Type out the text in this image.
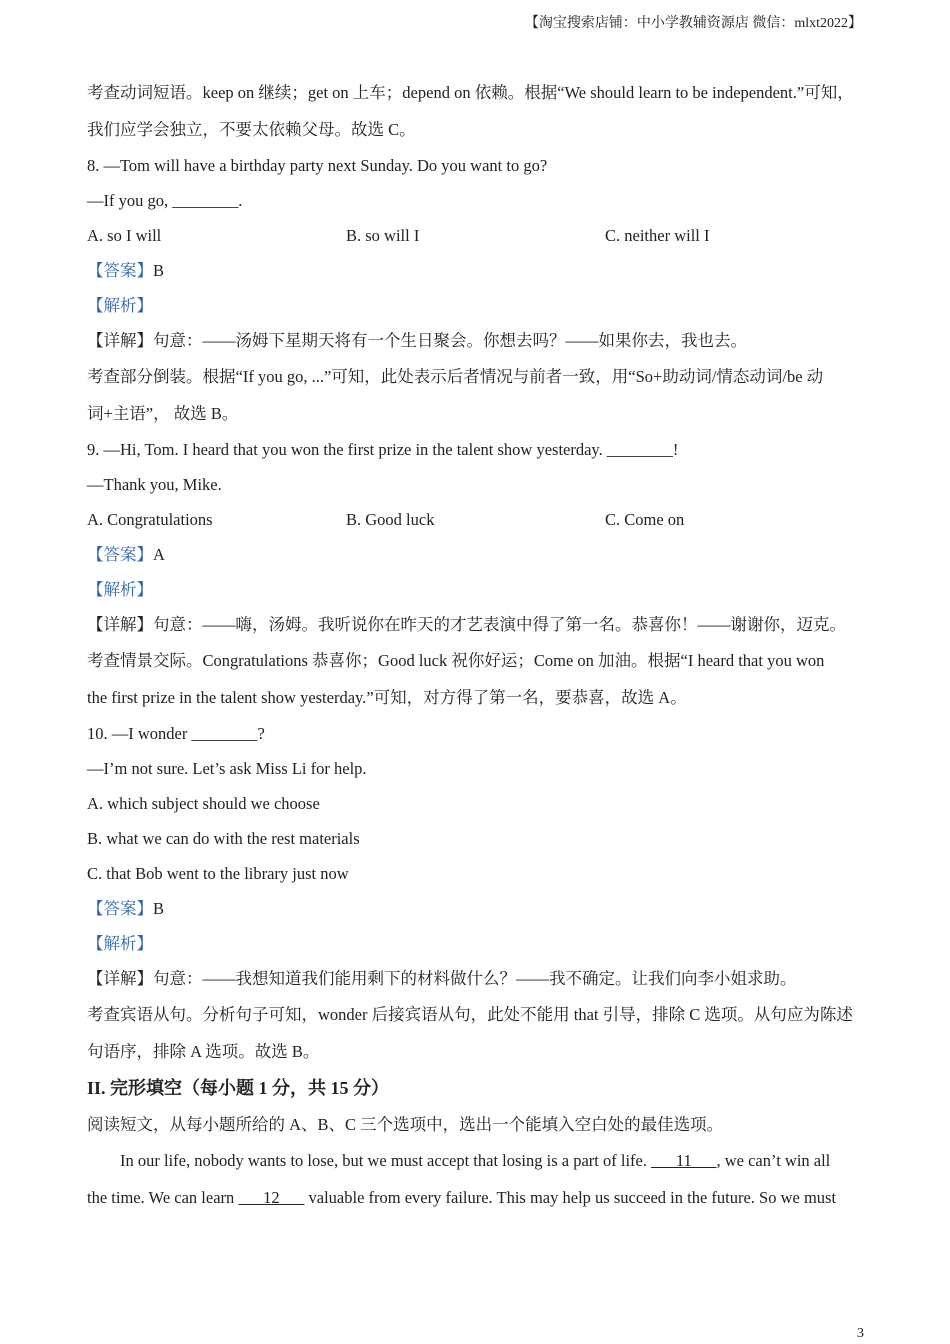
【淘宝搜索店铺：中小学教辅资源店 微信：mlxt2022】
考查动词短语。keep on 继续；get on 上车；depend on 依赖。根据“We should learn to be independent.”可知，
我们应学会独立，不要太依赖父母。故选 C。
8. —Tom will have a birthday party next Sunday. Do you want to go?
—If you go, ________.
A. so I will	B. so will I	C. neither will I
【答案】B
【解析】
【详解】句意：——汤姆下星期天将有一个生日聚会。你想去吗？——如果你去，我也去。
考查部分倒装。根据“If you go, ...”可知，此处表示后者情况与前者一致，用“So+助动词/情态动词/be 动
词+主语”， 故选 B。
9. —Hi, Tom. I heard that you won the first prize in the talent show yesterday. ________!
—Thank you, Mike.
A. Congratulations	B. Good luck	C. Come on
【答案】A
【解析】
【详解】句意：——嗨，汤姆。我听说你在昨天的才艺表演中得了第一名。恭喜你！——谢谢你，迈克。
考查情景交际。Congratulations 恭喜你；Good luck 祝你好运；Come on 加油。根据“I heard that you won
the first prize in the talent show yesterday.”可知，对方得了第一名，要恭喜，故选 A。
10. —I wonder ________?
—I’m not sure. Let’s ask Miss Li for help.
A. which subject should we choose
B. what we can do with the rest materials
C. that Bob went to the library just now
【答案】B
【解析】
【详解】句意：——我想知道我们能用剩下的材料做什么？——我不确定。让我们向李小姐求助。
考查宾语从句。分析句子可知，wonder 后接宾语从句，此处不能用 that 引导，排除 C 选项。从句应为陈述
句语序，排除 A 选项。故选 B。
II. 完形填空（每小题 1 分，共 15 分）
阅读短文，从每小题所给的 A、B、C 三个选项中，选出一个能填入空白处的最佳选项。
In our life, nobody wants to lose, but we must accept that losing is a part of life.       11      , we can’t win all
the time. We can learn       12       valuable from every failure. This may help us succeed in the future. So we must
3
